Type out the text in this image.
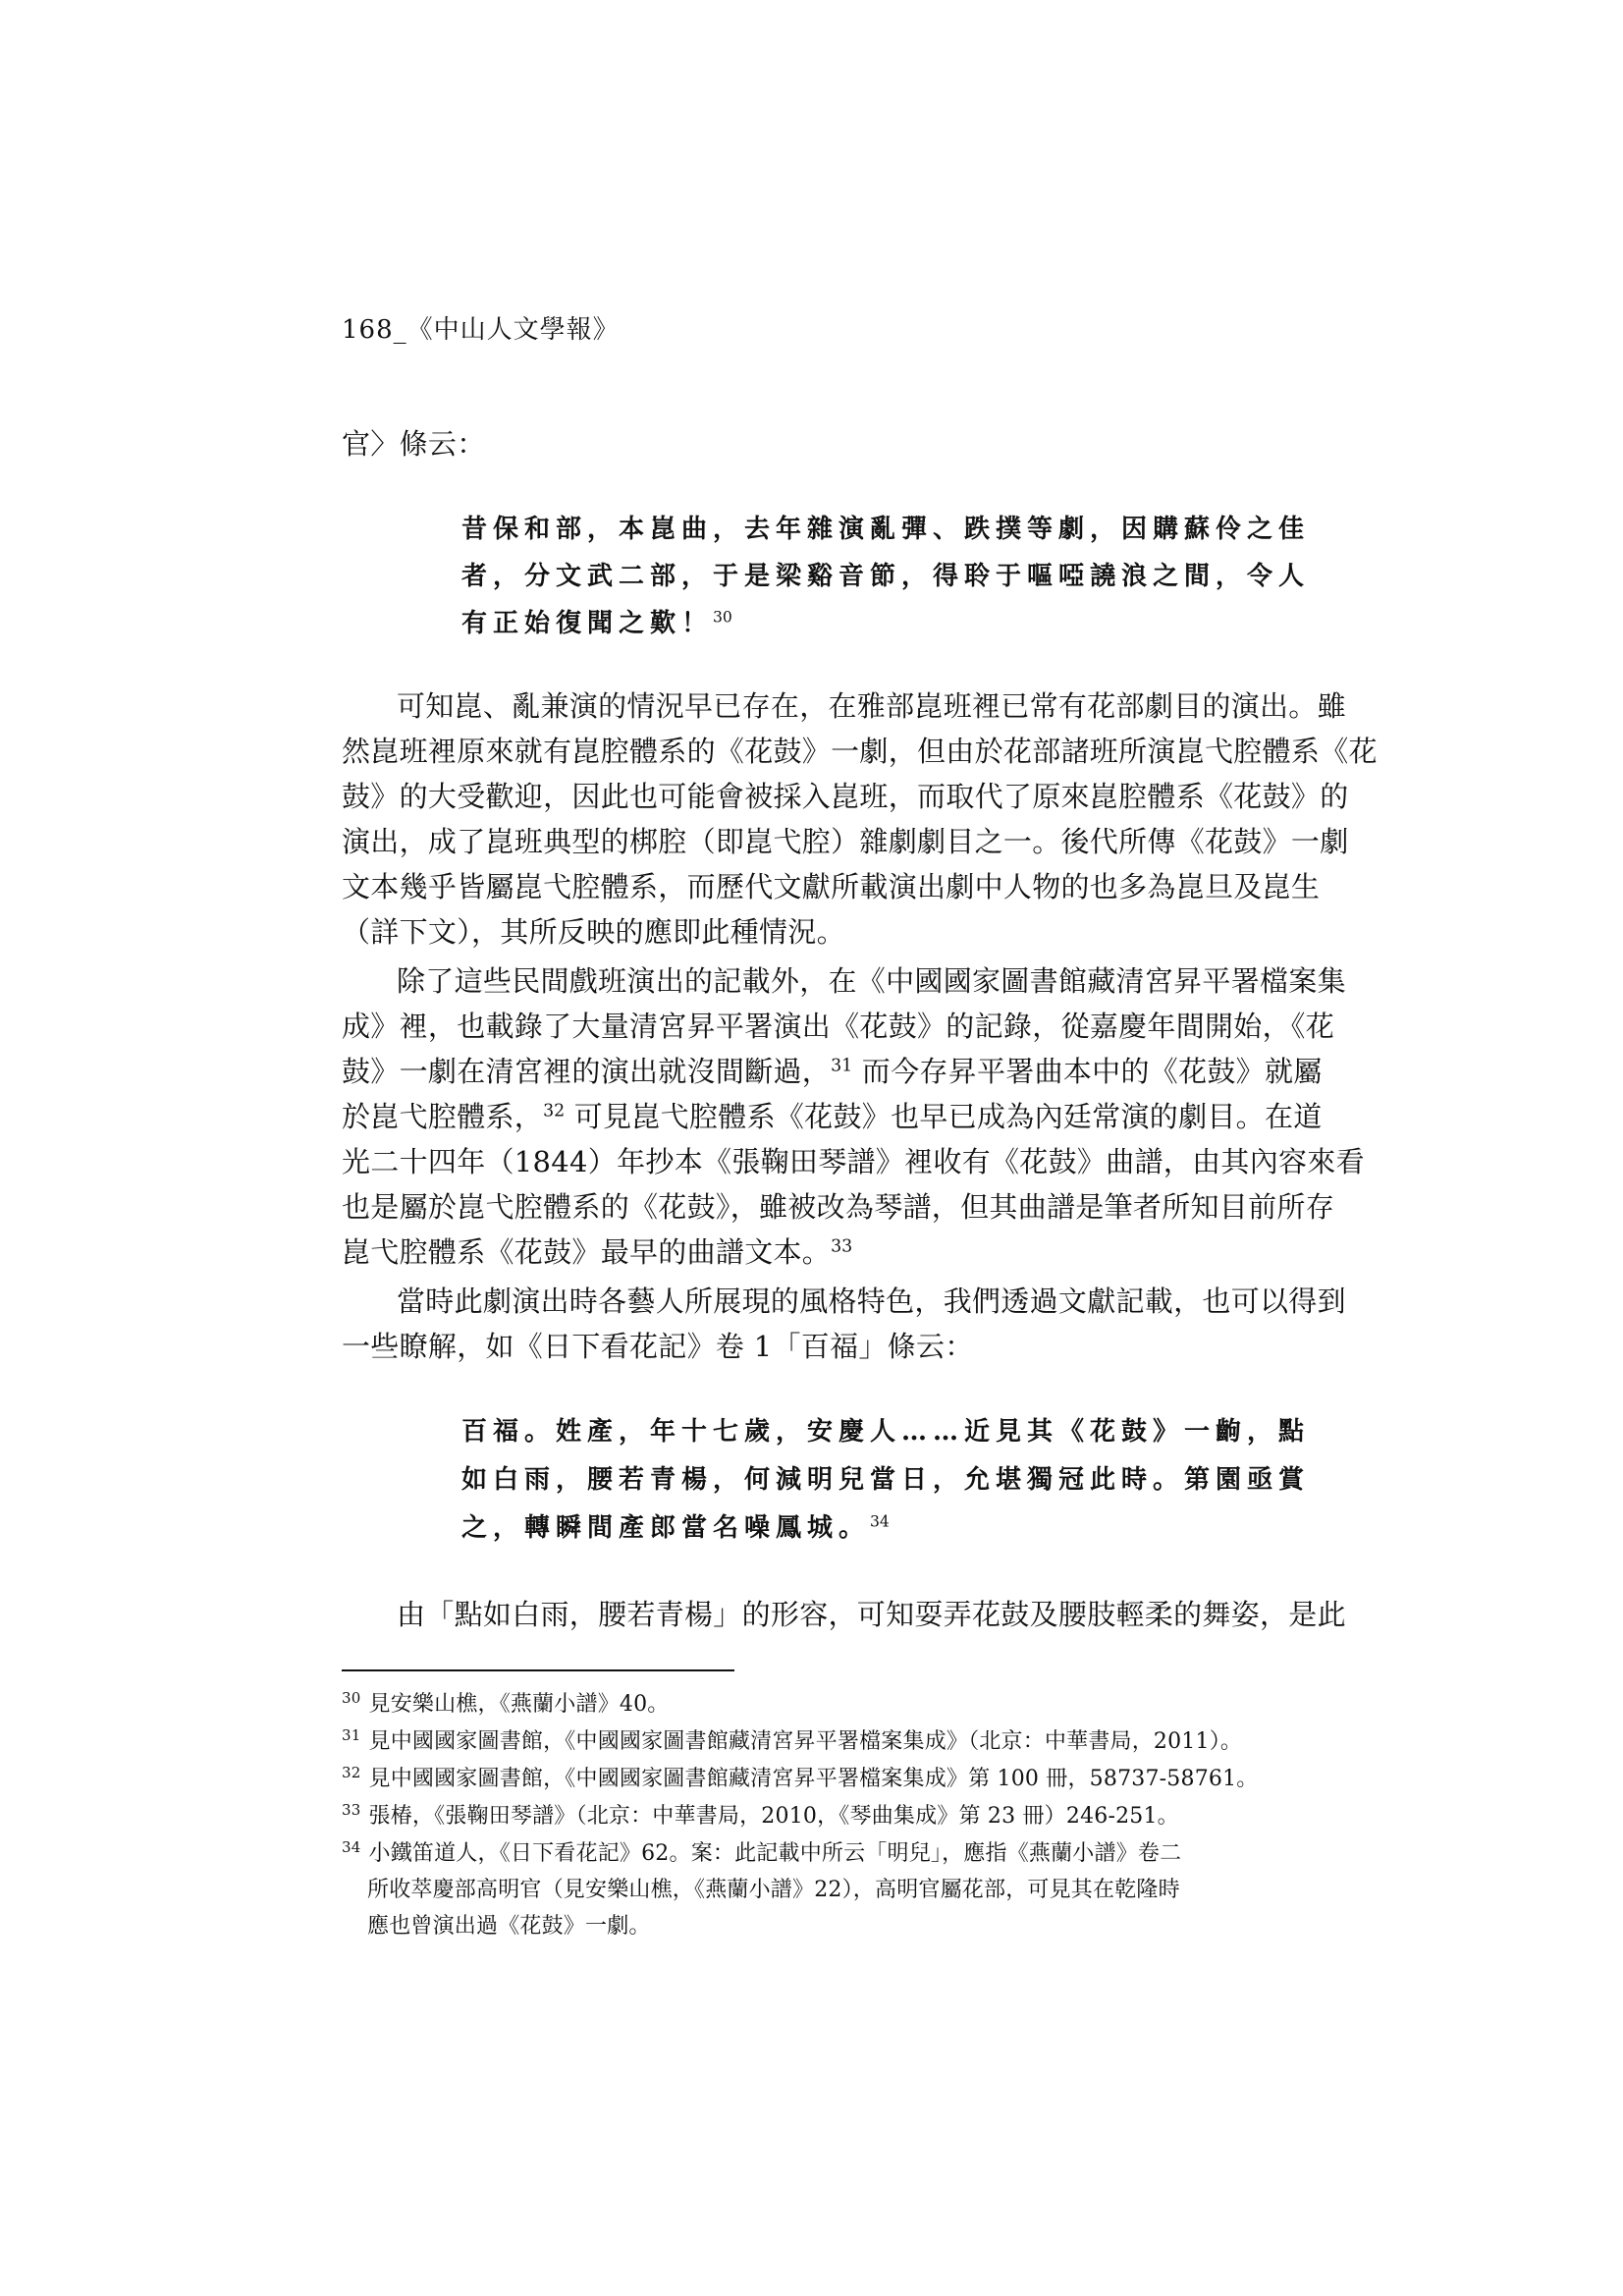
168_《中山人文學報》
官〉條云：
昔保和部，本崑曲，去年雜演亂彈、跌撲等劇，因購蘇伶之佳
者，分文武二部，于是梁谿音節，得聆于嘔啞譊浪之間，令人
有正始復聞之歎！$^{30}$
可知崑、亂兼演的情況早已存在，在雅部崑班裡已常有花部劇目的演出。雖
然崑班裡原來就有崑腔體系的《花鼓》一劇，但由於花部諸班所演崑弋腔體系《花
鼓》的大受歡迎，因此也可能會被採入崑班，而取代了原來崑腔體系《花鼓》的
演出，成了崑班典型的梆腔（即崑弋腔）雜劇劇目之一。後代所傳《花鼓》一劇
文本幾乎皆屬崑弋腔體系，而歷代文獻所載演出劇中人物的也多為崑旦及崑生
（詳下文），其所反映的應即此種情況。
除了這些民間戲班演出的記載外，在《中國國家圖書館藏清宮昇平署檔案集
成》裡，也載錄了大量清宮昇平署演出《花鼓》的記錄，從嘉慶年間開始，《花
鼓》一劇在清宮裡的演出就沒間斷過，$^{31}$ 而今存昇平署曲本中的《花鼓》就屬
於崑弋腔體系，$^{32}$ 可見崑弋腔體系《花鼓》也早已成為內廷常演的劇目。在道
光二十四年（1844）年抄本《張鞠田琴譜》裡收有《花鼓》曲譜，由其內容來看
也是屬於崑弋腔體系的《花鼓》，雖被改為琴譜，但其曲譜是筆者所知目前所存
崑弋腔體系《花鼓》最早的曲譜文本。$^{33}$
當時此劇演出時各藝人所展現的風格特色，我們透過文獻記載，也可以得到
一些瞭解，如《日下看花記》卷 1「百福」條云：
百福。姓產，年十七歲，安慶人……近見其《花鼓》一齣，點
如白雨，腰若青楊，何減明兒當日，允堪獨冠此時。第園亟賞
之，轉瞬間產郎當名噪鳳城。$^{34}$
由「點如白雨，腰若青楊」的形容，可知耍弄花鼓及腰肢輕柔的舞姿，是此
$^{30}$ 見安樂山樵，《燕蘭小譜》40。
$^{31}$ 見中國國家圖書館，《中國國家圖書館藏清宮昇平署檔案集成》（北京：中華書局，2011）。
$^{32}$ 見中國國家圖書館，《中國國家圖書館藏清宮昇平署檔案集成》第 100 冊，58737-58761。
$^{33}$ 張椿，《張鞠田琴譜》（北京：中華書局，2010，《琴曲集成》第 23 冊）246-251。
$^{34}$ 小鐵笛道人，《日下看花記》62。案：此記載中所云「明兒」，應指《燕蘭小譜》卷二
所收萃慶部高明官（見安樂山樵，《燕蘭小譜》22），高明官屬花部，可見其在乾隆時
應也曾演出過《花鼓》一劇。
